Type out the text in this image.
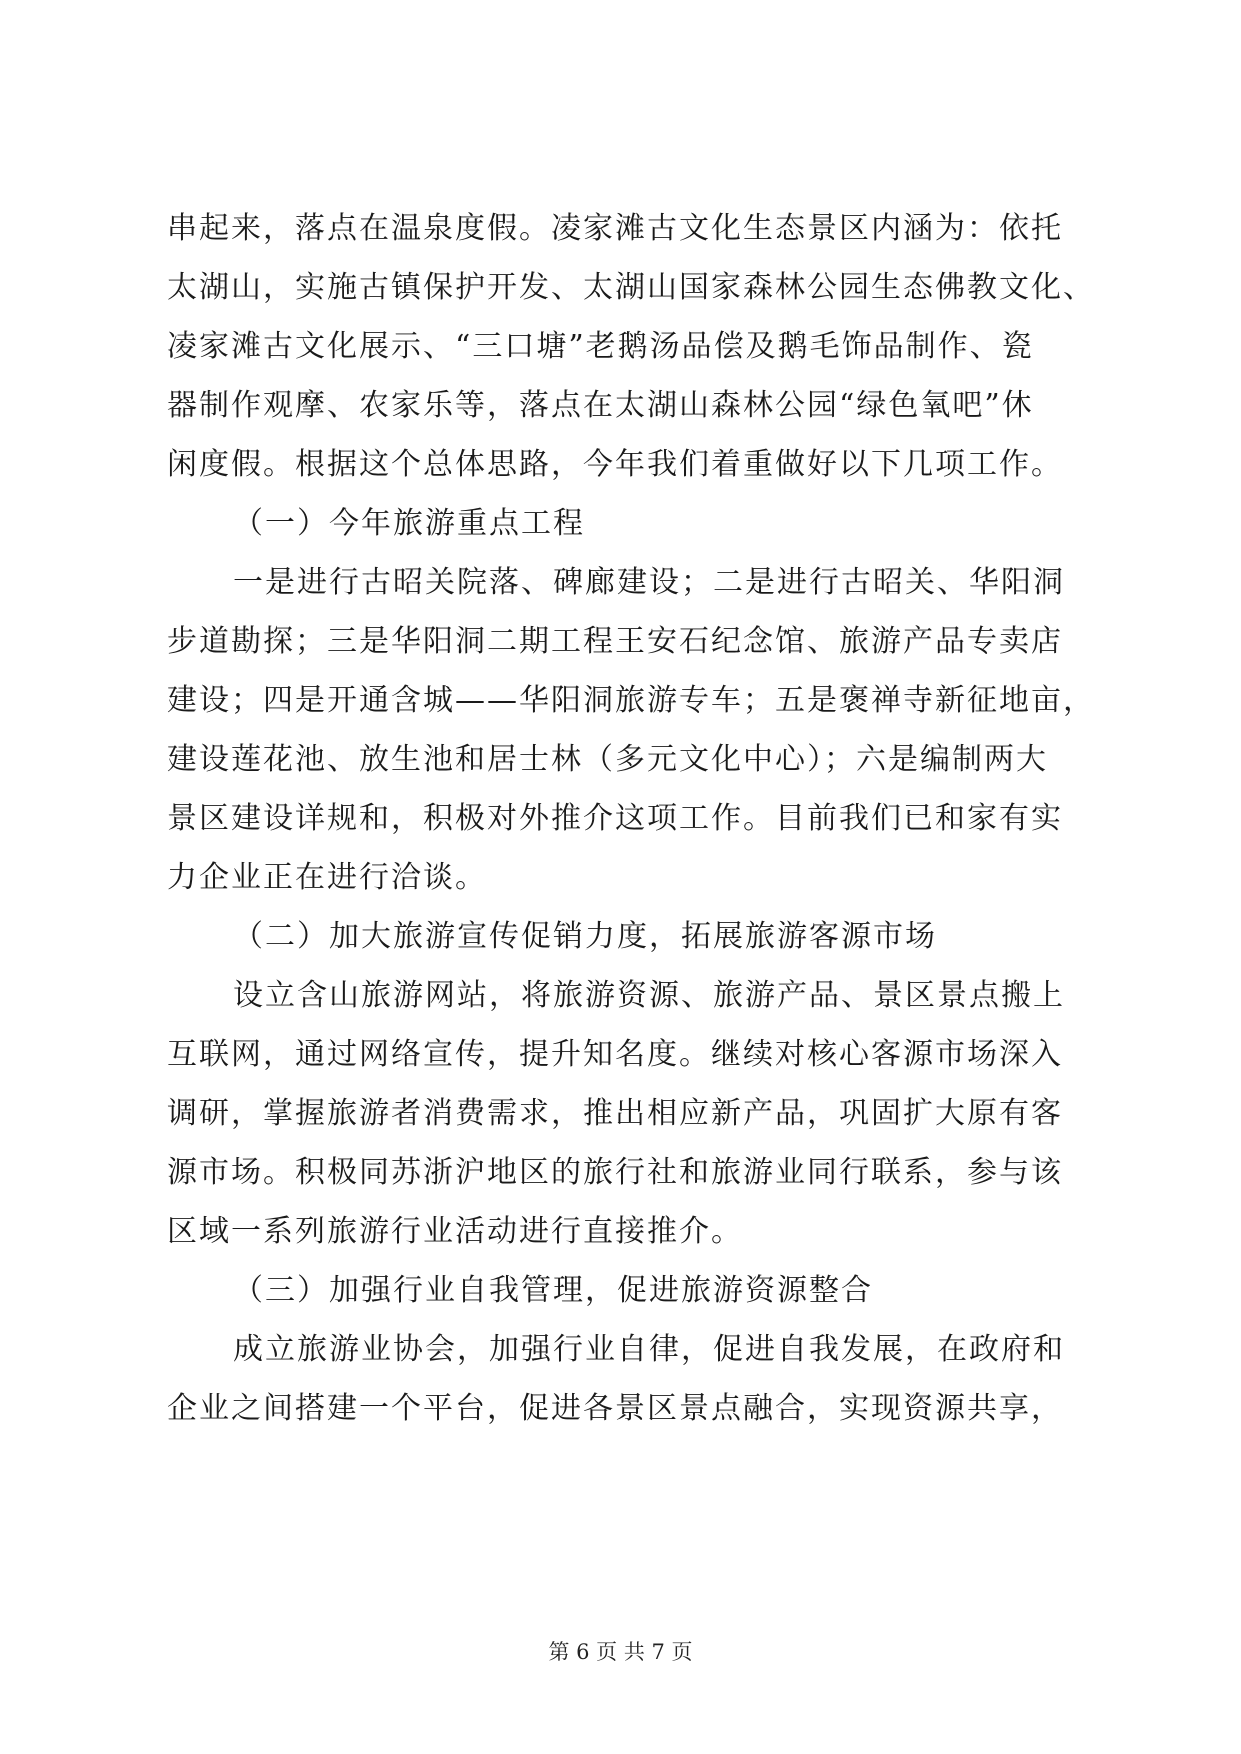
串起来，落点在温泉度假。凌家滩古文化生态景区内涵为：依托
太湖山，实施古镇保护开发、太湖山国家森林公园生态佛教文化、
凌家滩古文化展示、“三口塘”老鹅汤品偿及鹅毛饰品制作、瓷
器制作观摩、农家乐等，落点在太湖山森林公园“绿色氧吧”休
闲度假。根据这个总体思路，今年我们着重做好以下几项工作。
（一）今年旅游重点工程
一是进行古昭关院落、碑廊建设；二是进行古昭关、华阳洞
步道勘探；三是华阳洞二期工程王安石纪念馆、旅游产品专卖店
建设；四是开通含城——华阳洞旅游专车；五是褒禅寺新征地亩，
建设莲花池、放生池和居士林（多元文化中心）；六是编制两大
景区建设详规和，积极对外推介这项工作。目前我们已和家有实
力企业正在进行洽谈。
（二）加大旅游宣传促销力度，拓展旅游客源市场
设立含山旅游网站，将旅游资源、旅游产品、景区景点搬上
互联网，通过网络宣传，提升知名度。继续对核心客源市场深入
调研，掌握旅游者消费需求，推出相应新产品，巩固扩大原有客
源市场。积极同苏浙沪地区的旅行社和旅游业同行联系，参与该
区域一系列旅游行业活动进行直接推介。
（三）加强行业自我管理，促进旅游资源整合
成立旅游业协会，加强行业自律，促进自我发展，在政府和
企业之间搭建一个平台，促进各景区景点融合，实现资源共享，
第 6 页 共 7 页
